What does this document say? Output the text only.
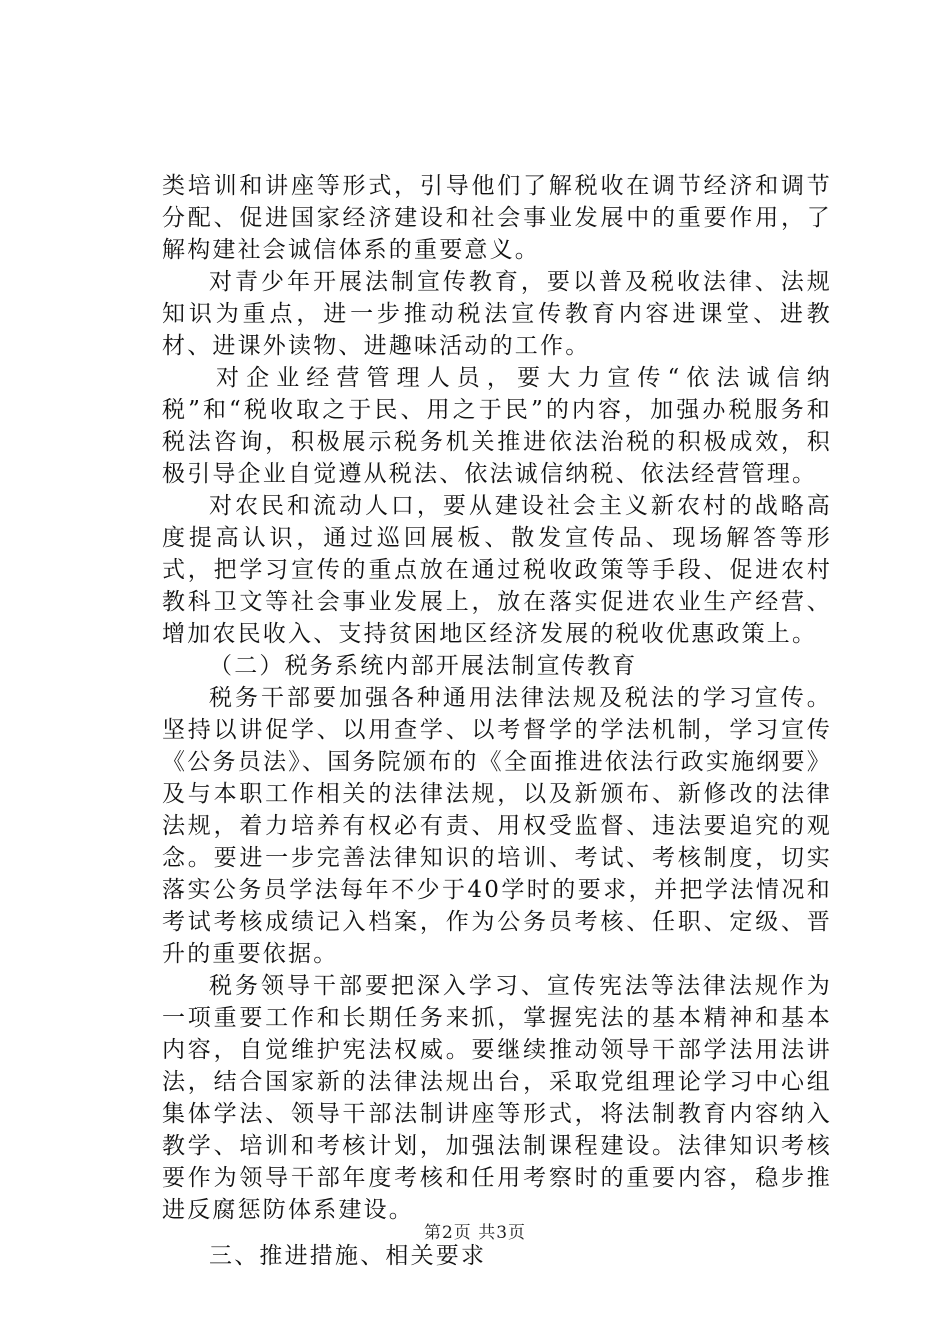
类培训和讲座等形式，引导他们了解税收在调节经济和调节分配、促进国家经济建设和社会事业发展中的重要作用，了解构建社会诚信体系的重要意义。

对青少年开展法制宣传教育，要以普及税收法律、法规知识为重点，进一步推动税法宣传教育内容进课堂、进教材、进课外读物、进趣味活动的工作。

对企业经营管理人员，要大力宣传“依法诚信纳税”和“税收取之于民、用之于民”的内容，加强办税服务和税法咨询，积极展示税务机关推进依法治税的积极成效，积极引导企业自觉遵从税法、依法诚信纳税、依法经营管理。

对农民和流动人口，要从建设社会主义新农村的战略高度提高认识，通过巡回展板、散发宣传品、现场解答等形式，把学习宣传的重点放在通过税收政策等手段、促进农村教科卫文等社会事业发展上，放在落实促进农业生产经营、增加农民收入、支持贫困地区经济发展的税收优惠政策上。

（二）税务系统内部开展法制宣传教育

税务干部要加强各种通用法律法规及税法的学习宣传。坚持以讲促学、以用查学、以考督学的学法机制，学习宣传《公务员法》、国务院颁布的《全面推进依法行政实施纲要》及与本职工作相关的法律法规，以及新颁布、新修改的法律法规，着力培养有权必有责、用权受监督、违法要追究的观念。要进一步完善法律知识的培训、考试、考核制度，切实落实公务员学法每年不少于40学时的要求，并把学法情况和考试考核成绩记入档案，作为公务员考核、任职、定级、晋升的重要依据。

税务领导干部要把深入学习、宣传宪法等法律法规作为一项重要工作和长期任务来抓，掌握宪法的基本精神和基本内容，自觉维护宪法权威。要继续推动领导干部学法用法讲法，结合国家新的法律法规出台，采取党组理论学习中心组集体学法、领导干部法制讲座等形式，将法制教育内容纳入教学、培训和考核计划，加强法制课程建设。法律知识考核要作为领导干部年度考核和任用考察时的重要内容，稳步推进反腐惩防体系建设。

三、推进措施、相关要求

第2页 共3页
